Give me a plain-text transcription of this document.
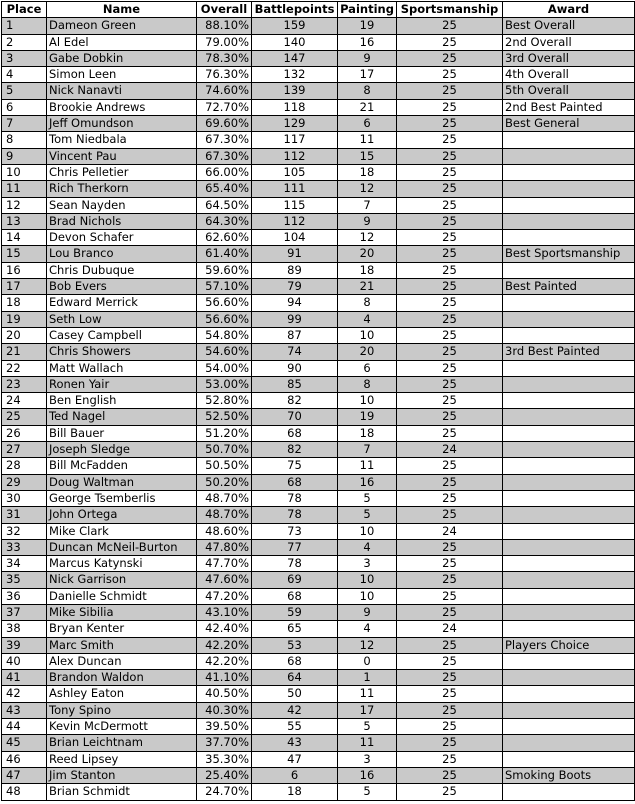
Place	Name	Overall	Battlepoints	Painting	Sportsmanship	Award
1	Dameon Green	88.10%	159	19	25	Best Overall
2	Al Edel	79.00%	140	16	25	2nd Overall
3	Gabe Dobkin	78.30%	147	9	25	3rd Overall
4	Simon Leen	76.30%	132	17	25	4th Overall
5	Nick Nanavti	74.60%	139	8	25	5th Overall
6	Brookie Andrews	72.70%	118	21	25	2nd Best Painted
7	Jeff Omundson	69.60%	129	6	25	Best General
8	Tom Niedbala	67.30%	117	11	25	
9	Vincent Pau	67.30%	112	15	25	
10	Chris Pelletier	66.00%	105	18	25	
11	Rich Therkorn	65.40%	111	12	25	
12	Sean Nayden	64.50%	115	7	25	
13	Brad Nichols	64.30%	112	9	25	
14	Devon Schafer	62.60%	104	12	25	
15	Lou Branco	61.40%	91	20	25	Best Sportsmanship
16	Chris Dubuque	59.60%	89	18	25	
17	Bob Evers	57.10%	79	21	25	Best Painted
18	Edward Merrick	56.60%	94	8	25	
19	Seth Low	56.60%	99	4	25	
20	Casey Campbell	54.80%	87	10	25	
21	Chris Showers	54.60%	74	20	25	3rd Best Painted
22	Matt Wallach	54.00%	90	6	25	
23	Ronen Yair	53.00%	85	8	25	
24	Ben English	52.80%	82	10	25	
25	Ted Nagel	52.50%	70	19	25	
26	Bill Bauer	51.20%	68	18	25	
27	Joseph Sledge	50.70%	82	7	24	
28	Bill McFadden	50.50%	75	11	25	
29	Doug Waltman	50.20%	68	16	25	
30	George Tsemberlis	48.70%	78	5	25	
31	John Ortega	48.70%	78	5	25	
32	Mike Clark	48.60%	73	10	24	
33	Duncan McNeil-Burton	47.80%	77	4	25	
34	Marcus Katynski	47.70%	78	3	25	
35	Nick Garrison	47.60%	69	10	25	
36	Danielle Schmidt	47.20%	68	10	25	
37	Mike Sibilia	43.10%	59	9	25	
38	Bryan Kenter	42.40%	65	4	24	
39	Marc Smith	42.20%	53	12	25	Players Choice
40	Alex Duncan	42.20%	68	0	25	
41	Brandon Waldon	41.10%	64	1	25	
42	Ashley Eaton	40.50%	50	11	25	
43	Tony Spino	40.30%	42	17	25	
44	Kevin McDermott	39.50%	55	5	25	
45	Brian Leichtnam	37.70%	43	11	25	
46	Reed Lipsey	35.30%	47	3	25	
47	Jim Stanton	25.40%	6	16	25	Smoking Boots
48	Brian Schmidt	24.70%	18	5	25	
